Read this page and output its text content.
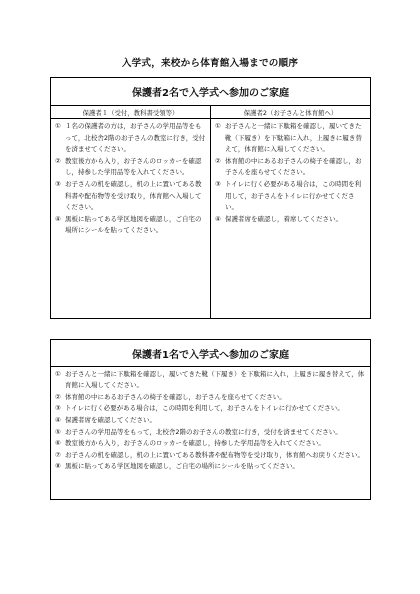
入学式，来校から体育館入場までの順序
保護者2名で入学式へ参加のご家庭
保護者１（受付，教科書受領等）	保護者2（お子さんと体育館へ）
① １名の保護者の方は，お子さんの学用品等をもって，北校舎2階のお子さんの教室に行き，受付を済ませてください。
② 教室後方から入り，お子さんのロッカーを確認し，持参した学用品等を入れてください。
③ お子さんの机を確認し，机の上に置いてある教科書や配布物等を受け取り，体育館へ入場してください。
④ 黒板に貼ってある学区地図を確認し，ご自宅の場所にシールを貼ってください。
① お子さんと一緒に下駄箱を確認し，履いてきた靴（下履き）を下駄箱に入れ，上履きに履き替えて，体育館に入場してください。
② 体育館の中にあるお子さんの椅子を確認し，お子さんを座らせてください。
③ トイレに行く必要がある場合は，この時間を利用して，お子さんをトイレに行かせてください。
④ 保護者席を確認し，着席してください。
保護者1名で入学式へ参加のご家庭
① お子さんと一緒に下駄箱を確認し，履いてきた靴（下履き）を下駄箱に入れ，上履きに履き替えて，体育館に入場してください。
② 体育館の中にあるお子さんの椅子を確認し，お子さんを座らせてください。
③ トイレに行く必要がある場合は，この時間を利用して，お子さんをトイレに行かせてください。
④ 保護者席を確認してください。
⑤ お子さんの学用品等をもって，北校舎2階のお子さんの教室に行き，受付を済ませてください。
⑥ 教室後方から入り，お子さんのロッカーを確認し，持参した学用品等を入れてください。
⑦ お子さんの机を確認し，机の上に置いてある教科書や配布物等を受け取り，体育館へお戻りください。
⑧ 黒板に貼ってある学区地図を確認し，ご自宅の場所にシールを貼ってください。
